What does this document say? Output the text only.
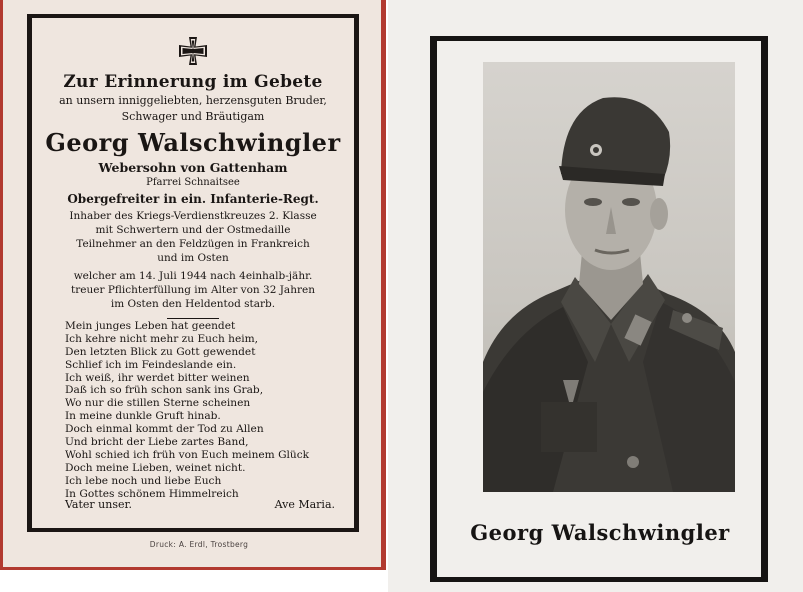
Zur Erinnerung im Gebete
an unsern inniggeliebten, herzensguten Bruder,
Schwager und Bräutigam
Georg Walschwingler
Webersohn von Gattenham
Pfarrei Schnaitsee
Obergefreiter in ein. Infanterie-Regt.
Inhaber des Kriegs-Verdienstkreuzes 2. Klasse
mit Schwertern und der Ostmedaille
Teilnehmer an den Feldzügen in Frankreich
und im Osten
welcher am 14. Juli 1944 nach 4einhalb-jähr.
treuer Pflichterfüllung im Alter von 32 Jahren
im Osten den Heldentod starb.
Mein junges Leben hat geendet
Ich kehre nicht mehr zu Euch heim,
Den letzten Blick zu Gott gewendet
Schlief ich im Feindeslande ein.
Ich weiß, ihr werdet bitter weinen
Daß ich so früh schon sank ins Grab,
Wo nur die stillen Sterne scheinen
In meine dunkle Gruft hinab.
Doch einmal kommt der Tod zu Allen
Und bricht der Liebe zartes Band,
Wohl schied ich früh von Euch meinem Glück
Doch meine Lieben, weinet nicht.
Ich lebe noch und liebe Euch
In Gottes schönem Himmelreich
Vater unser.	Ave Maria.
Druck: A. Erdl, Trostberg	Georg Walschwingler
